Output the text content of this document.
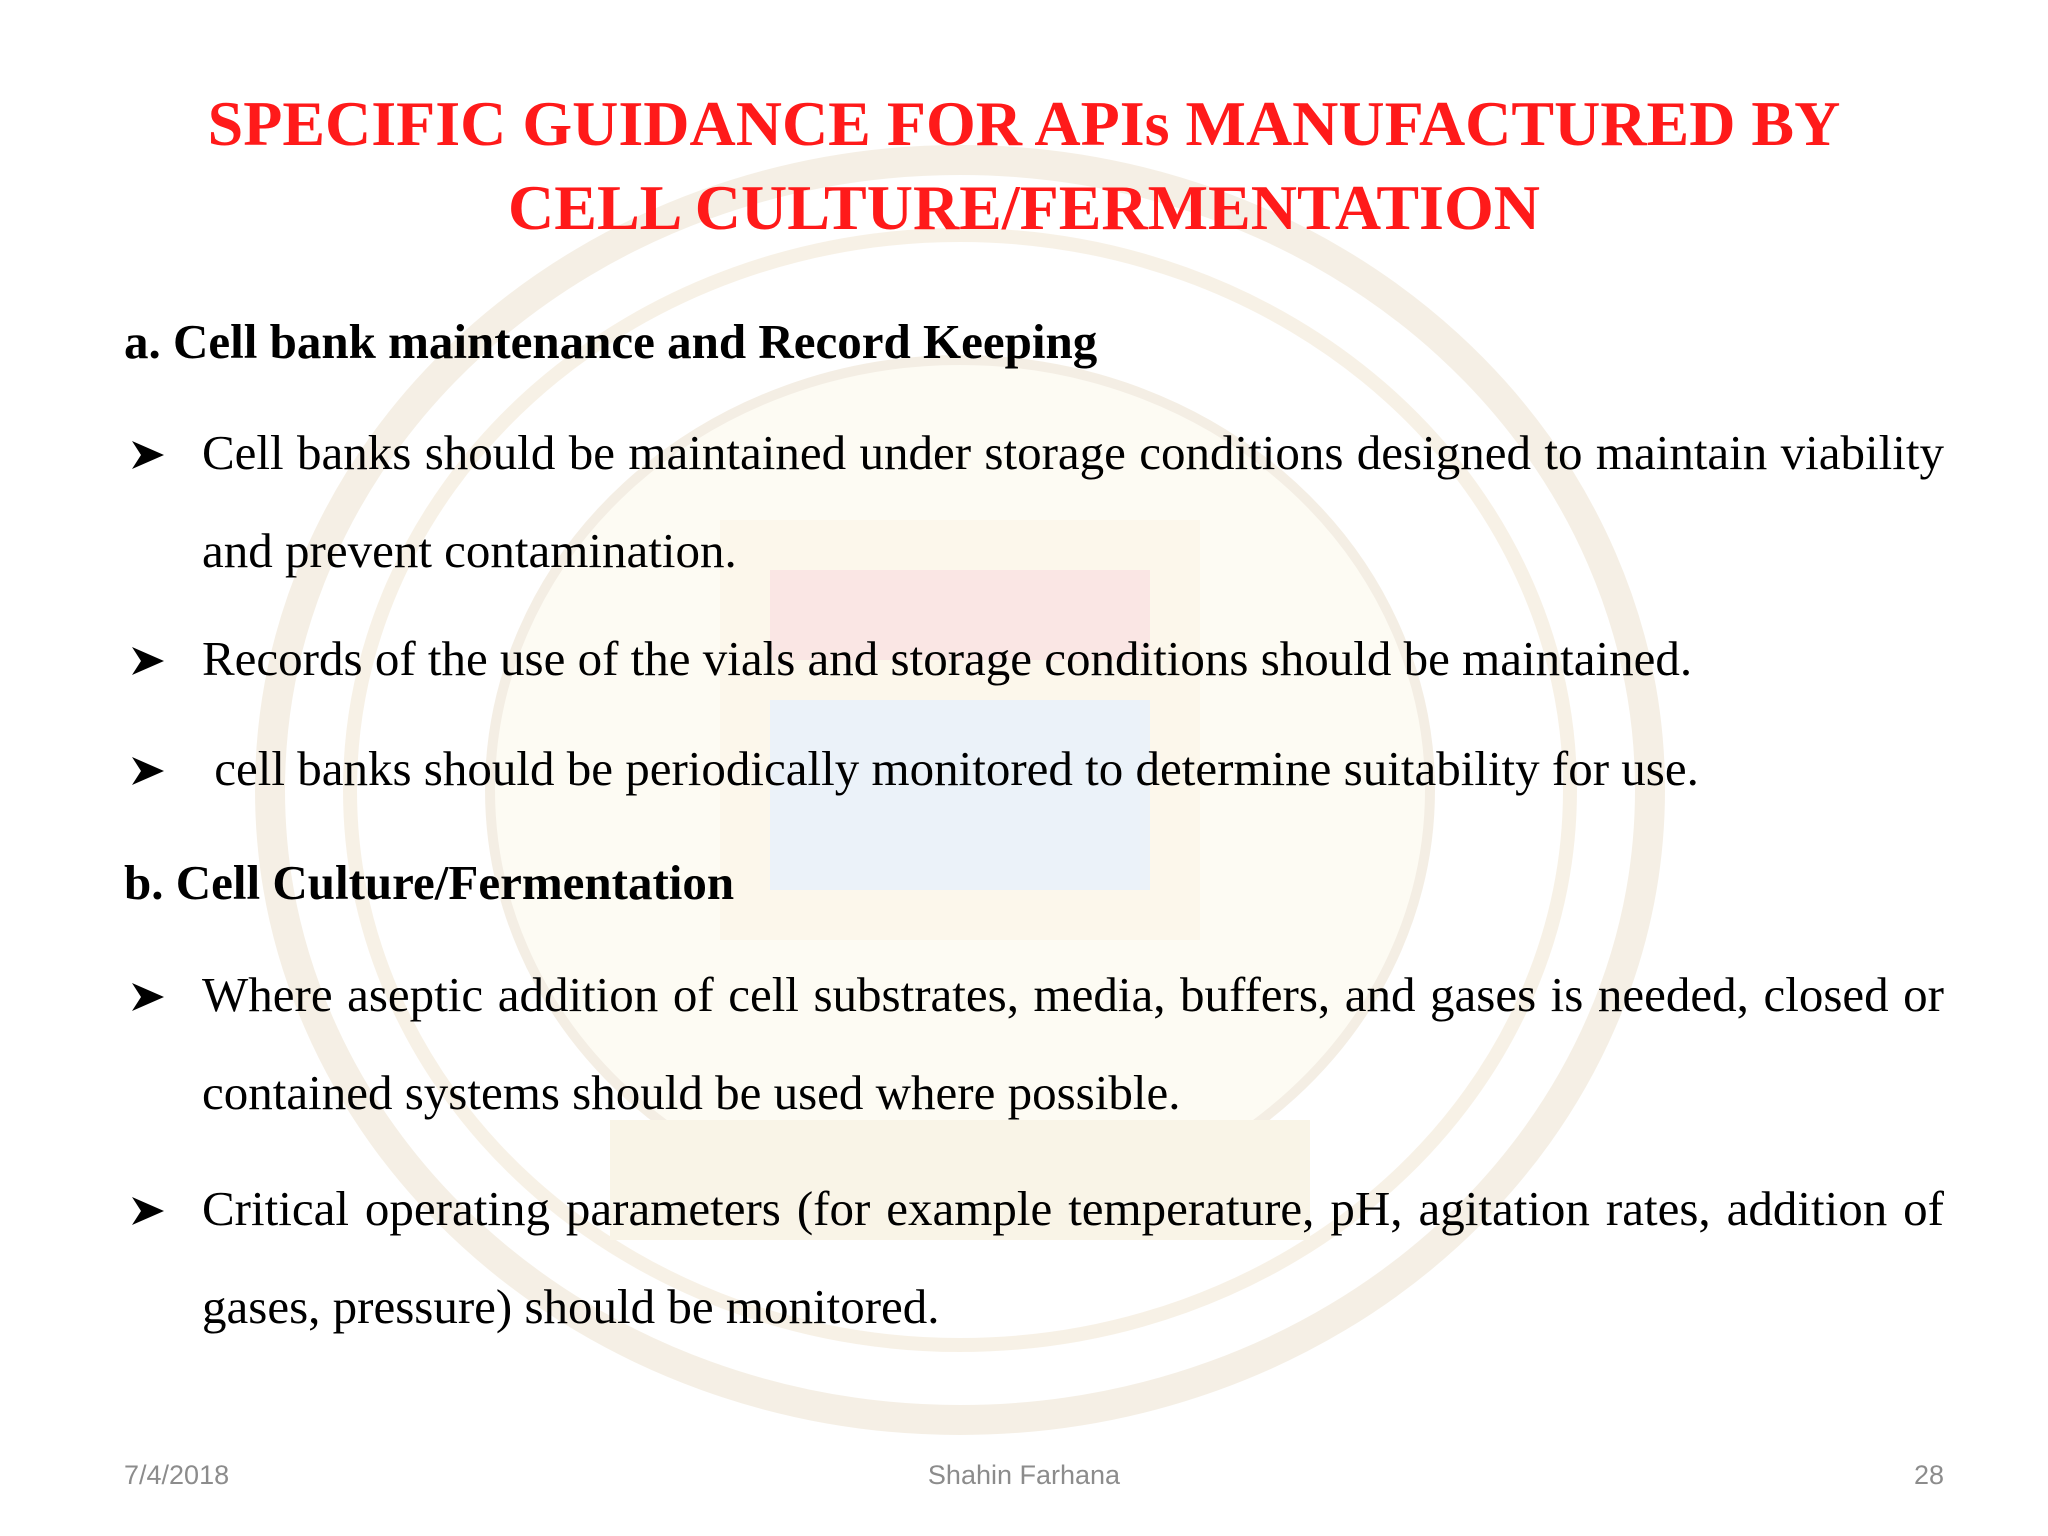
SPECIFIC GUIDANCE FOR APIs MANUFACTURED BY
CELL CULTURE/FERMENTATION
a. Cell bank maintenance and Record Keeping
Cell banks should be maintained under storage conditions designed to maintain viability and prevent contamination.
Records of the use of the vials and storage conditions should be maintained.
cell banks should be periodically monitored to determine suitability for use.
b. Cell Culture/Fermentation
Where aseptic addition of cell substrates, media, buffers, and gases is needed, closed or contained systems should be used where possible.
Critical operating parameters (for example temperature, pH, agitation rates, addition of gases, pressure) should be monitored.
7/4/2018	Shahin Farhana	28
